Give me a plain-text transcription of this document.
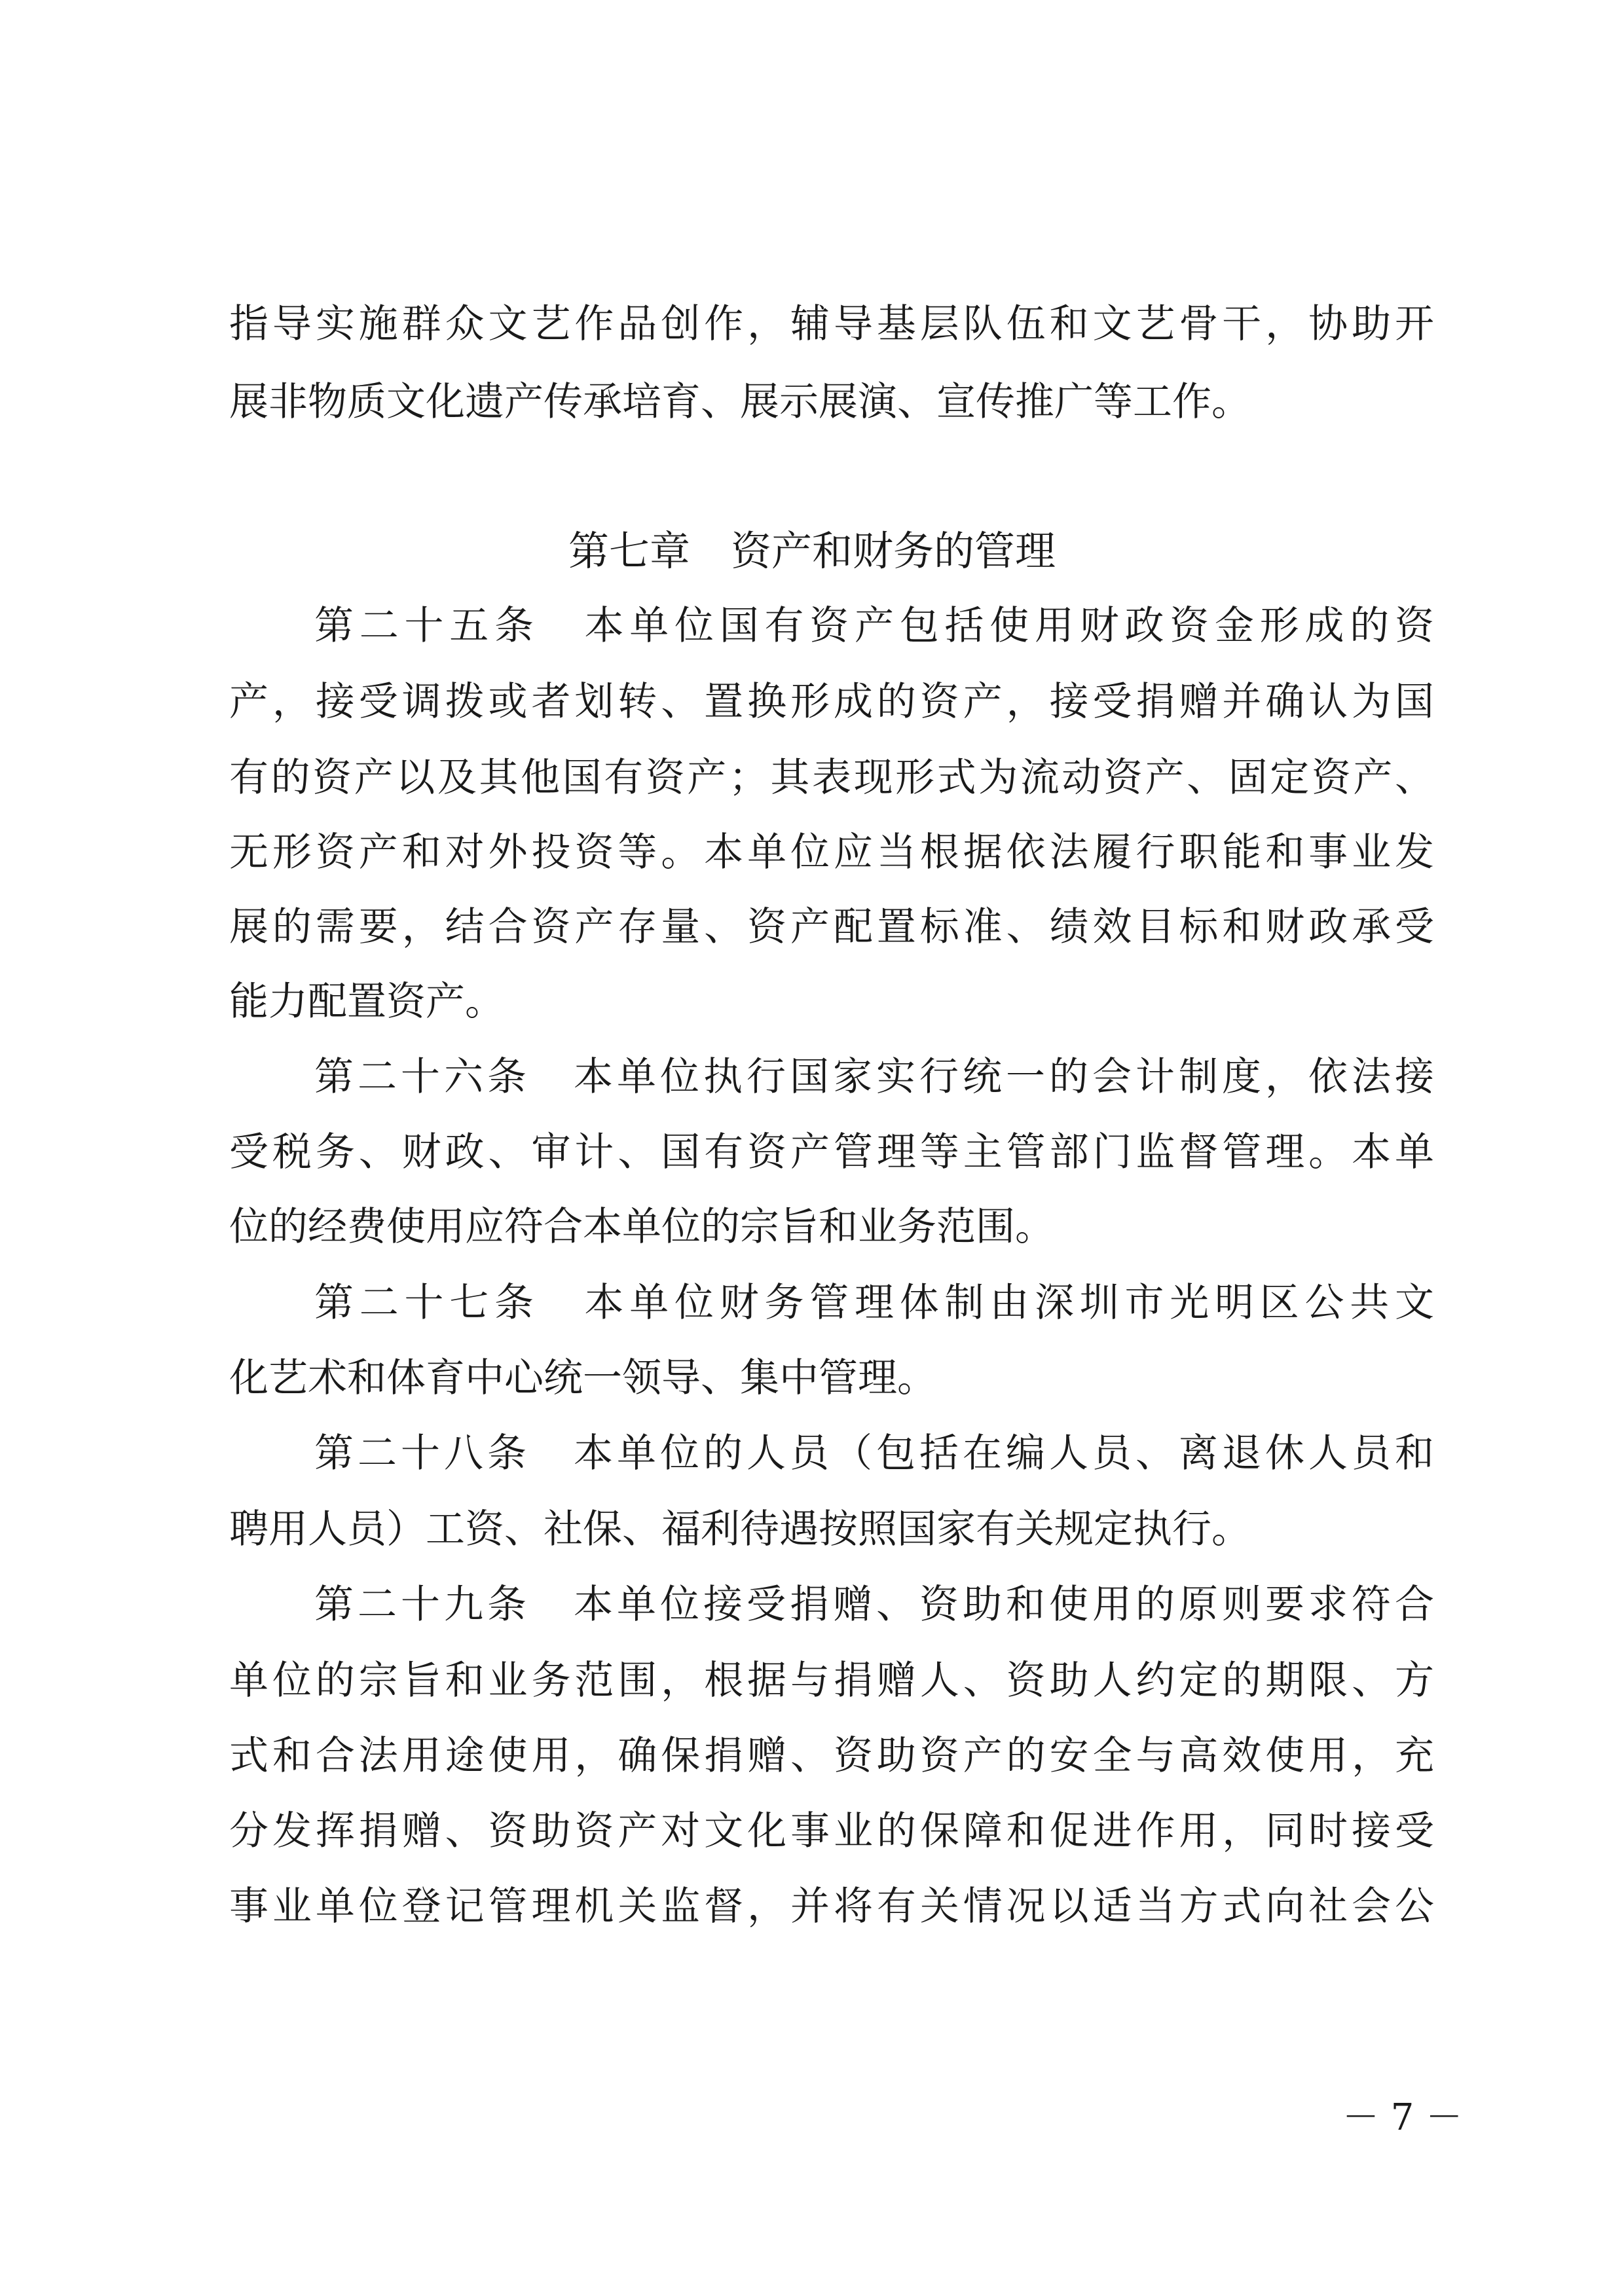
指导实施群众文艺作品创作，辅导基层队伍和文艺骨干，协助开
展非物质文化遗产传承培育、展示展演、宣传推广等工作。
第七章　资产和财务的管理
第二十五条　本单位国有资产包括使用财政资金形成的资
产，接受调拨或者划转、置换形成的资产，接受捐赠并确认为国
有的资产以及其他国有资产；其表现形式为流动资产、固定资产、
无形资产和对外投资等。本单位应当根据依法履行职能和事业发
展的需要，结合资产存量、资产配置标准、绩效目标和财政承受
能力配置资产。
第二十六条　本单位执行国家实行统一的会计制度，依法接
受税务、财政、审计、国有资产管理等主管部门监督管理。本单
位的经费使用应符合本单位的宗旨和业务范围。
第二十七条　本单位财务管理体制由深圳市光明区公共文
化艺术和体育中心统一领导、集中管理。
第二十八条　本单位的人员（包括在编人员、离退休人员和
聘用人员）工资、社保、福利待遇按照国家有关规定执行。
第二十九条　本单位接受捐赠、资助和使用的原则要求符合
单位的宗旨和业务范围，根据与捐赠人、资助人约定的期限、方
式和合法用途使用，确保捐赠、资助资产的安全与高效使用，充
分发挥捐赠、资助资产对文化事业的保障和促进作用，同时接受
事业单位登记管理机关监督，并将有关情况以适当方式向社会公
－ 7 －
